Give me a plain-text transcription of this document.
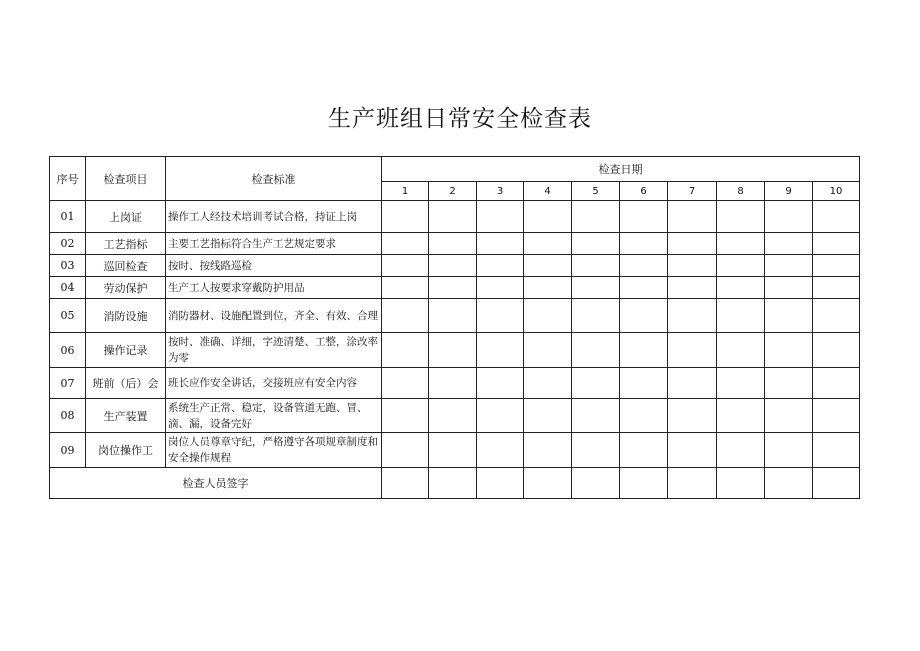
生产班组日常安全检查表
序号	检查项目	检查标准	检查日期									
			1	2	3	4	5	6	7	8	9	10
01	上岗证	操作工人经技术培训考试合格，持证上岗										
02	工艺指标	主要工艺指标符合生产工艺规定要求										
03	巡回检查	按时、按线路巡检										
04	劳动保护	生产工人按要求穿戴防护用品										
05	消防设施	消防器材、设施配置到位，齐全、有效、合理										
06	操作记录	按时、准确、详细，字迹清楚、工整，涂改率为零										
07	班前（后）会	班长应作安全讲话，交接班应有安全内容										
08	生产装置	系统生产正常、稳定，设备管道无跑、冒、滴、漏，设备完好										
09	岗位操作工	岗位人员尊章守纪，严格遵守各项规章制度和安全操作规程										
检查人员签字												
